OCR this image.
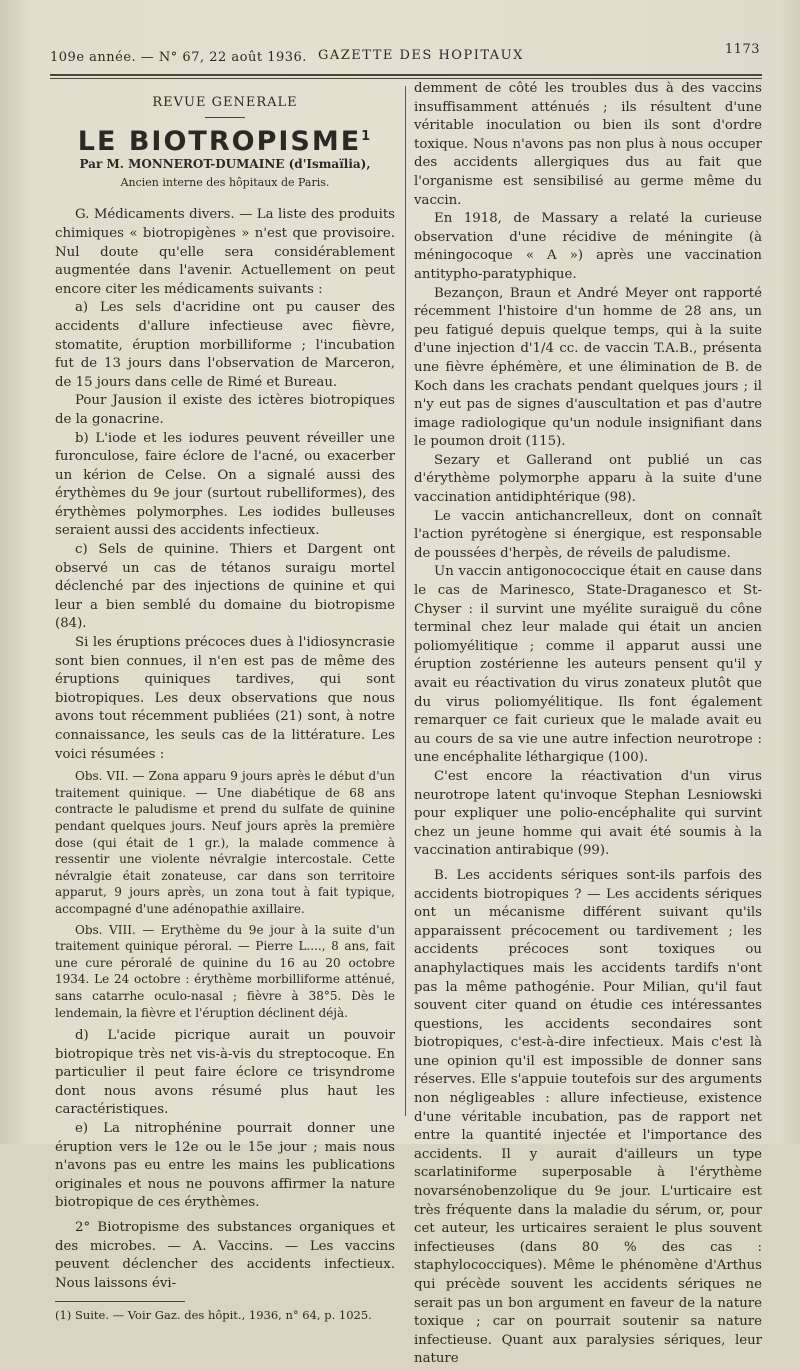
109e année. — N° 67, 22 août 1936. GAZETTE DES HOPITAUX	1173
REVUE GENERALE
LE BIOTROPISME$^1$
Par M. MONNEROT-DUMAINE (d'Ismaïlia),
Ancien interne des hôpitaux de Paris.

G. Médicaments divers. — La liste des produits chimiques « biotropigènes » n'est que provisoire. Nul doute qu'elle sera considérablement augmentée dans l'avenir. Actuellement on peut encore citer les médicaments suivants :

a) Les sels d'acridine ont pu causer des accidents d'allure infectieuse avec fièvre, stomatite, éruption morbilliforme ; l'incubation fut de 13 jours dans l'observation de Marceron, de 15 jours dans celle de Rimé et Bureau.

Pour Jausion il existe des ictères biotropiques de la gonacrine.

b) L'iode et les iodures peuvent réveiller une furonculose, faire éclore de l'acné, ou exacerber un kérion de Celse. On a signalé aussi des érythèmes du 9e jour (surtout rubelliformes), des érythèmes polymorphes. Les iodides bulleuses seraient aussi des accidents infectieux.

c) Sels de quinine. Thiers et Dargent ont observé un cas de tétanos suraigu mortel déclenché par des injections de quinine et qui leur a bien semblé du domaine du biotropisme (84).

Si les éruptions précoces dues à l'idiosyncrasie sont bien connues, il n'en est pas de même des éruptions quiniques tardives, qui sont biotropiques. Les deux observations que nous avons tout récemment publiées (21) sont, à notre connaissance, les seuls cas de la littérature. Les voici résumées :

Obs. VII. — Zona apparu 9 jours après le début d'un traitement quinique. — Une diabétique de 68 ans contracte le paludisme et prend du sulfate de quinine pendant quelques jours. Neuf jours après la première dose (qui était de 1 gr.), la malade commence à ressentir une violente névralgie intercostale. Cette névralgie était zonateuse, car dans son territoire apparut, 9 jours après, un zona tout à fait typique, accompagné d'une adénopathie axillaire.

Obs. VIII. — Erythème du 9e jour à la suite d'un traitement quinique péroral. — Pierre L...., 8 ans, fait une cure péroralé de quinine du 16 au 20 octobre 1934. Le 24 octobre : érythème morbilliforme atténué, sans catarrhe oculo-nasal ; fièvre à 38°5. Dès le lendemain, la fièvre et l'éruption déclinent déjà.

d) L'acide picrique aurait un pouvoir biotropique très net vis-à-vis du streptocoque. En particulier il peut faire éclore ce trisyndrome dont nous avons résumé plus haut les caractéristiques.

e) La nitrophénine pourrait donner une éruption vers le 12e ou le 15e jour ; mais nous n'avons pas eu entre les mains les publications originales et nous ne pouvons affirmer la nature biotropique de ces érythèmes.

2° Biotropisme des substances organiques et des microbes. — A. Vaccins. — Les vaccins peuvent déclencher des accidents infectieux. Nous laissons évi-

(1) Suite. — Voir Gaz. des hôpit., 1936, n° 64, p. 1025.

demment de côté les troubles dus à des vaccins insuffisamment atténués ; ils résultent d'une véritable inoculation ou bien ils sont d'ordre toxique. Nous n'avons pas non plus à nous occuper des accidents allergiques dus au fait que l'organisme est sensibilisé au germe même du vaccin.

En 1918, de Massary a relaté la curieuse observation d'une récidive de méningite (à méningocoque « A ») après une vaccination antitypho-paratyphique.

Bezançon, Braun et André Meyer ont rapporté récemment l'histoire d'un homme de 28 ans, un peu fatigué depuis quelque temps, qui à la suite d'une injection d'1/4 cc. de vaccin T.A.B., présenta une fièvre éphémère, et une élimination de B. de Koch dans les crachats pendant quelques jours ; il n'y eut pas de signes d'auscultation et pas d'autre image radiologique qu'un nodule insignifiant dans le poumon droit (115).

Sezary et Gallerand ont publié un cas d'érythème polymorphe apparu à la suite d'une vaccination antidiphtérique (98).

Le vaccin antichancrelleux, dont on connaît l'action pyrétogène si énergique, est responsable de poussées d'herpès, de réveils de paludisme.

Un vaccin antigonococcique était en cause dans le cas de Marinesco, State-Draganesco et St-Chyser : il survint une myélite suraiguë du cône terminal chez leur malade qui était un ancien poliomyélitique ; comme il apparut aussi une éruption zostérienne les auteurs pensent qu'il y avait eu réactivation du virus zonateux plutôt que du virus poliomyélitique. Ils font également remarquer ce fait curieux que le malade avait eu au cours de sa vie une autre infection neurotrope : une encéphalite léthargique (100).

C'est encore la réactivation d'un virus neurotrope latent qu'invoque Stephan Lesniowski pour expliquer une polio-encéphalite qui survint chez un jeune homme qui avait été soumis à la vaccination antirabique (99).

B. Les accidents sériques sont-ils parfois des accidents biotropiques ? — Les accidents sériques ont un mécanisme différent suivant qu'ils apparaissent précocement ou tardivement ; les accidents précoces sont toxiques ou anaphylactiques mais les accidents tardifs n'ont pas la même pathogénie. Pour Milian, qu'il faut souvent citer quand on étudie ces intéressantes questions, les accidents secondaires sont biotropiques, c'est-à-dire infectieux. Mais c'est là une opinion qu'il est impossible de donner sans réserves. Elle s'appuie toutefois sur des arguments non négligeables : allure infectieuse, existence d'une véritable incubation, pas de rapport net entre la quantité injectée et l'importance des accidents. Il y aurait d'ailleurs un type scarlatiniforme superposable à l'érythème novarsénobenzolique du 9e jour. L'urticaire est très fréquente dans la maladie du sérum, or, pour cet auteur, les urticaires seraient le plus souvent infectieuses (dans 80 % des cas : staphylococciques). Même le phénomène d'Arthus qui précède souvent les accidents sériques ne serait pas un bon argument en faveur de la nature toxique ; car on pourrait soutenir sa nature infectieuse. Quant aux paralysies sériques, leur nature
